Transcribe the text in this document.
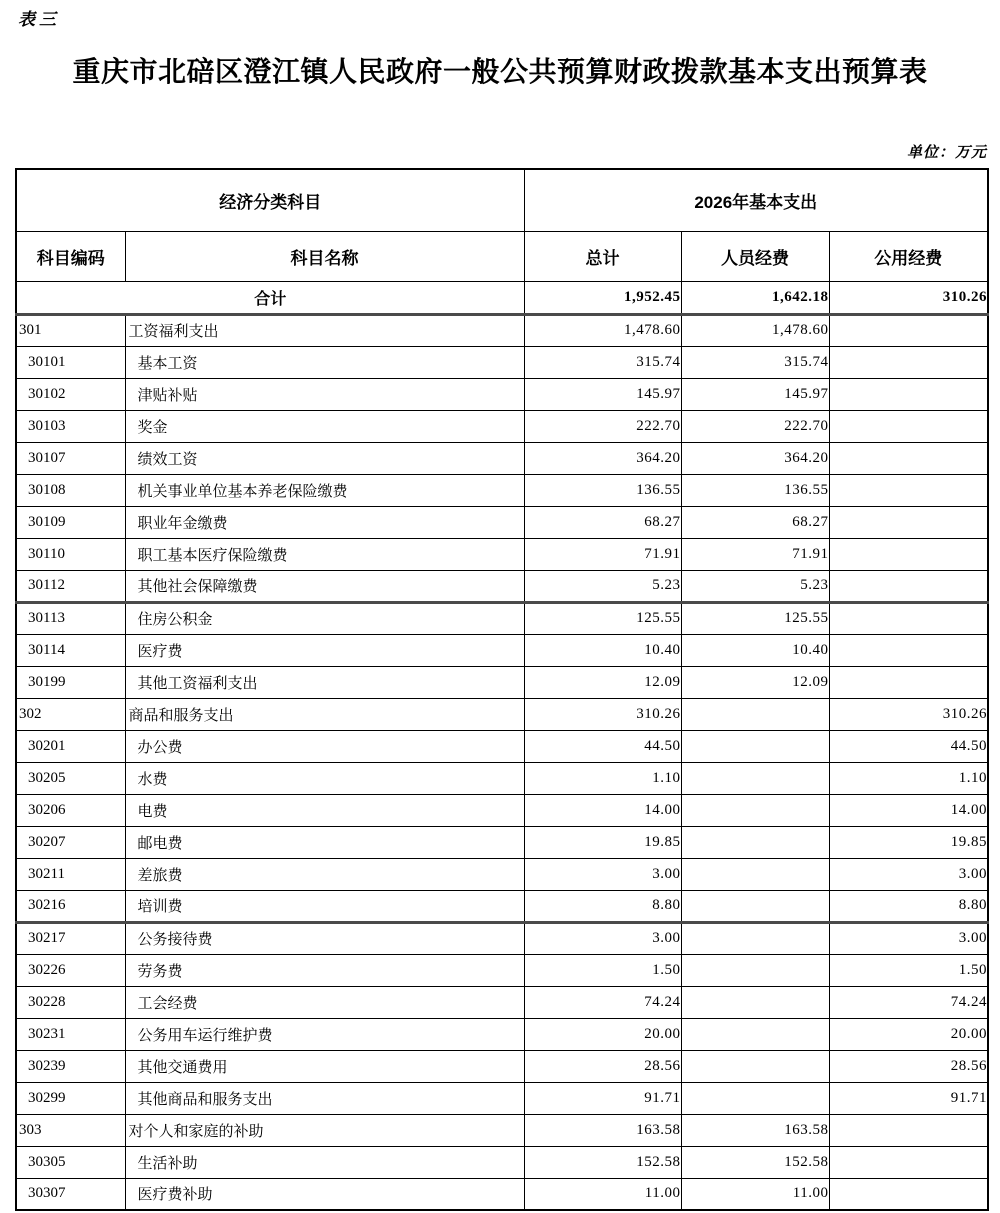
表三
重庆市北碚区澄江镇人民政府一般公共预算财政拨款基本支出预算表
单位：万元
经济分类科目		2026年基本支出		
科目编码	科目名称	总计	人员经费	公用经费
合计		1,952.45	1,642.18	310.26
301	工资福利支出	1,478.60	1,478.60	
30101	基本工资	315.74	315.74	
30102	津贴补贴	145.97	145.97	
30103	奖金	222.70	222.70	
30107	绩效工资	364.20	364.20	
30108	机关事业单位基本养老保险缴费	136.55	136.55	
30109	职业年金缴费	68.27	68.27	
30110	职工基本医疗保险缴费	71.91	71.91	
30112	其他社会保障缴费	5.23	5.23	
30113	住房公积金	125.55	125.55	
30114	医疗费	10.40	10.40	
30199	其他工资福利支出	12.09	12.09	
302	商品和服务支出	310.26		310.26
30201	办公费	44.50		44.50
30205	水费	1.10		1.10
30206	电费	14.00		14.00
30207	邮电费	19.85		19.85
30211	差旅费	3.00		3.00
30216	培训费	8.80		8.80
30217	公务接待费	3.00		3.00
30226	劳务费	1.50		1.50
30228	工会经费	74.24		74.24
30231	公务用车运行维护费	20.00		20.00
30239	其他交通费用	28.56		28.56
30299	其他商品和服务支出	91.71		91.71
303	对个人和家庭的补助	163.58	163.58	
30305	生活补助	152.58	152.58	
30307	医疗费补助	11.00	11.00	
